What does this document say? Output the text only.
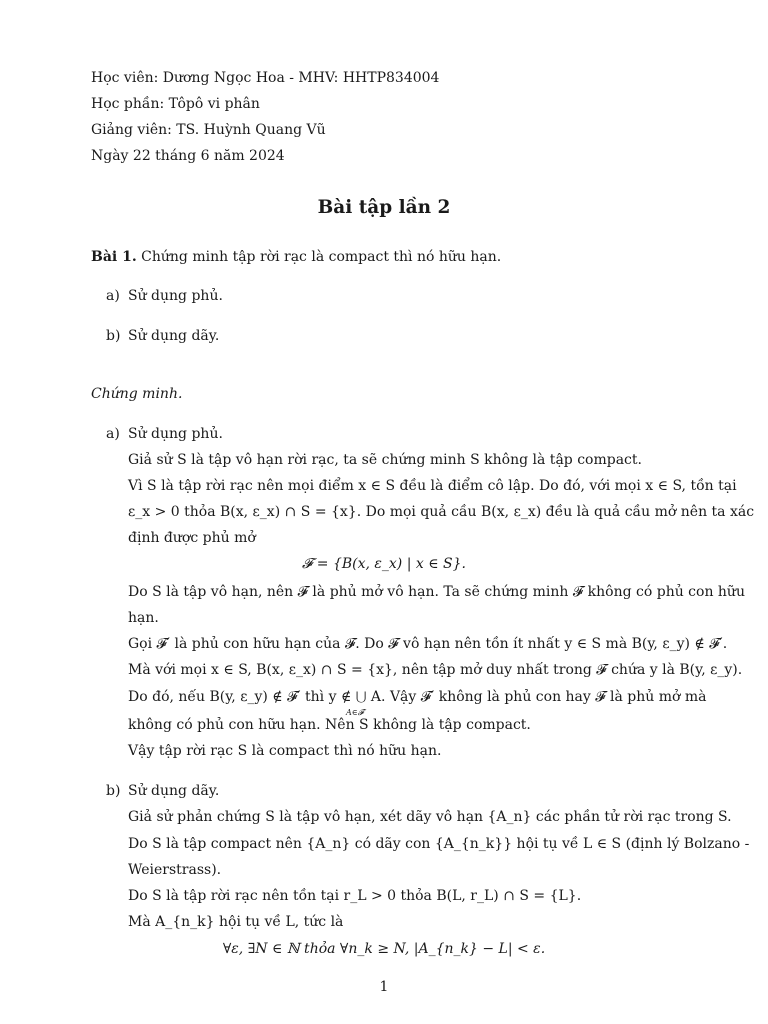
Học viên: Dương Ngọc Hoa - MHV: HHTP834004
Học phần: Tôpô vi phân
Giảng viên: TS. Huỳnh Quang Vũ
Ngày 22 tháng 6 năm 2024
Bài tập lần 2
Bài 1. Chứng minh tập rời rạc là compact thì nó hữu hạn.
a) Sử dụng phủ.
b) Sử dụng dãy.
Chứng minh.
a) Sử dụng phủ.
Giả sử S là tập vô hạn rời rạc, ta sẽ chứng minh S không là tập compact.
Vì S là tập rời rạc nên mọi điểm x ∈ S đều là điểm cô lập. Do đó, với mọi x ∈ S, tồn tại
ε_x > 0 thỏa B(x, ε_x) ∩ S = {x}. Do mọi quả cầu B(x, ε_x) đều là quả cầu mở nên ta xác
định được phủ mở
𝓕 = {B(x, ε_x) | x ∈ S}.
Do S là tập vô hạn, nên 𝓕 là phủ mở vô hạn. Ta sẽ chứng minh 𝓕 không có phủ con hữu
hạn.
Gọi 𝓕′ là phủ con hữu hạn của 𝓕. Do 𝓕 vô hạn nên tồn ít nhất y ∈ S mà B(y, ε_y) ∉ 𝓕′.
Mà với mọi x ∈ S, B(x, ε_x) ∩ S = {x}, nên tập mở duy nhất trong 𝓕 chứa y là B(y, ε_y).
Do đó, nếu B(y, ε_y) ∉ 𝓕′ thì y ∉ ⋃ A. Vậy 𝓕′ không là phủ con hay 𝓕 là phủ mở mà
A∈𝓕′
không có phủ con hữu hạn. Nên S không là tập compact.
Vậy tập rời rạc S là compact thì nó hữu hạn.
b) Sử dụng dãy.
Giả sử phản chứng S là tập vô hạn, xét dãy vô hạn {A_n} các phần tử rời rạc trong S.
Do S là tập compact nên {A_n} có dãy con {A_{n_k}} hội tụ về L ∈ S (định lý Bolzano -
Weierstrass).
Do S là tập rời rạc nên tồn tại r_L > 0 thỏa B(L, r_L) ∩ S = {L}.
Mà A_{n_k} hội tụ về L, tức là
∀ε, ∃N ∈ ℕ thỏa ∀n_k ≥ N, |A_{n_k} − L| < ε.
1
